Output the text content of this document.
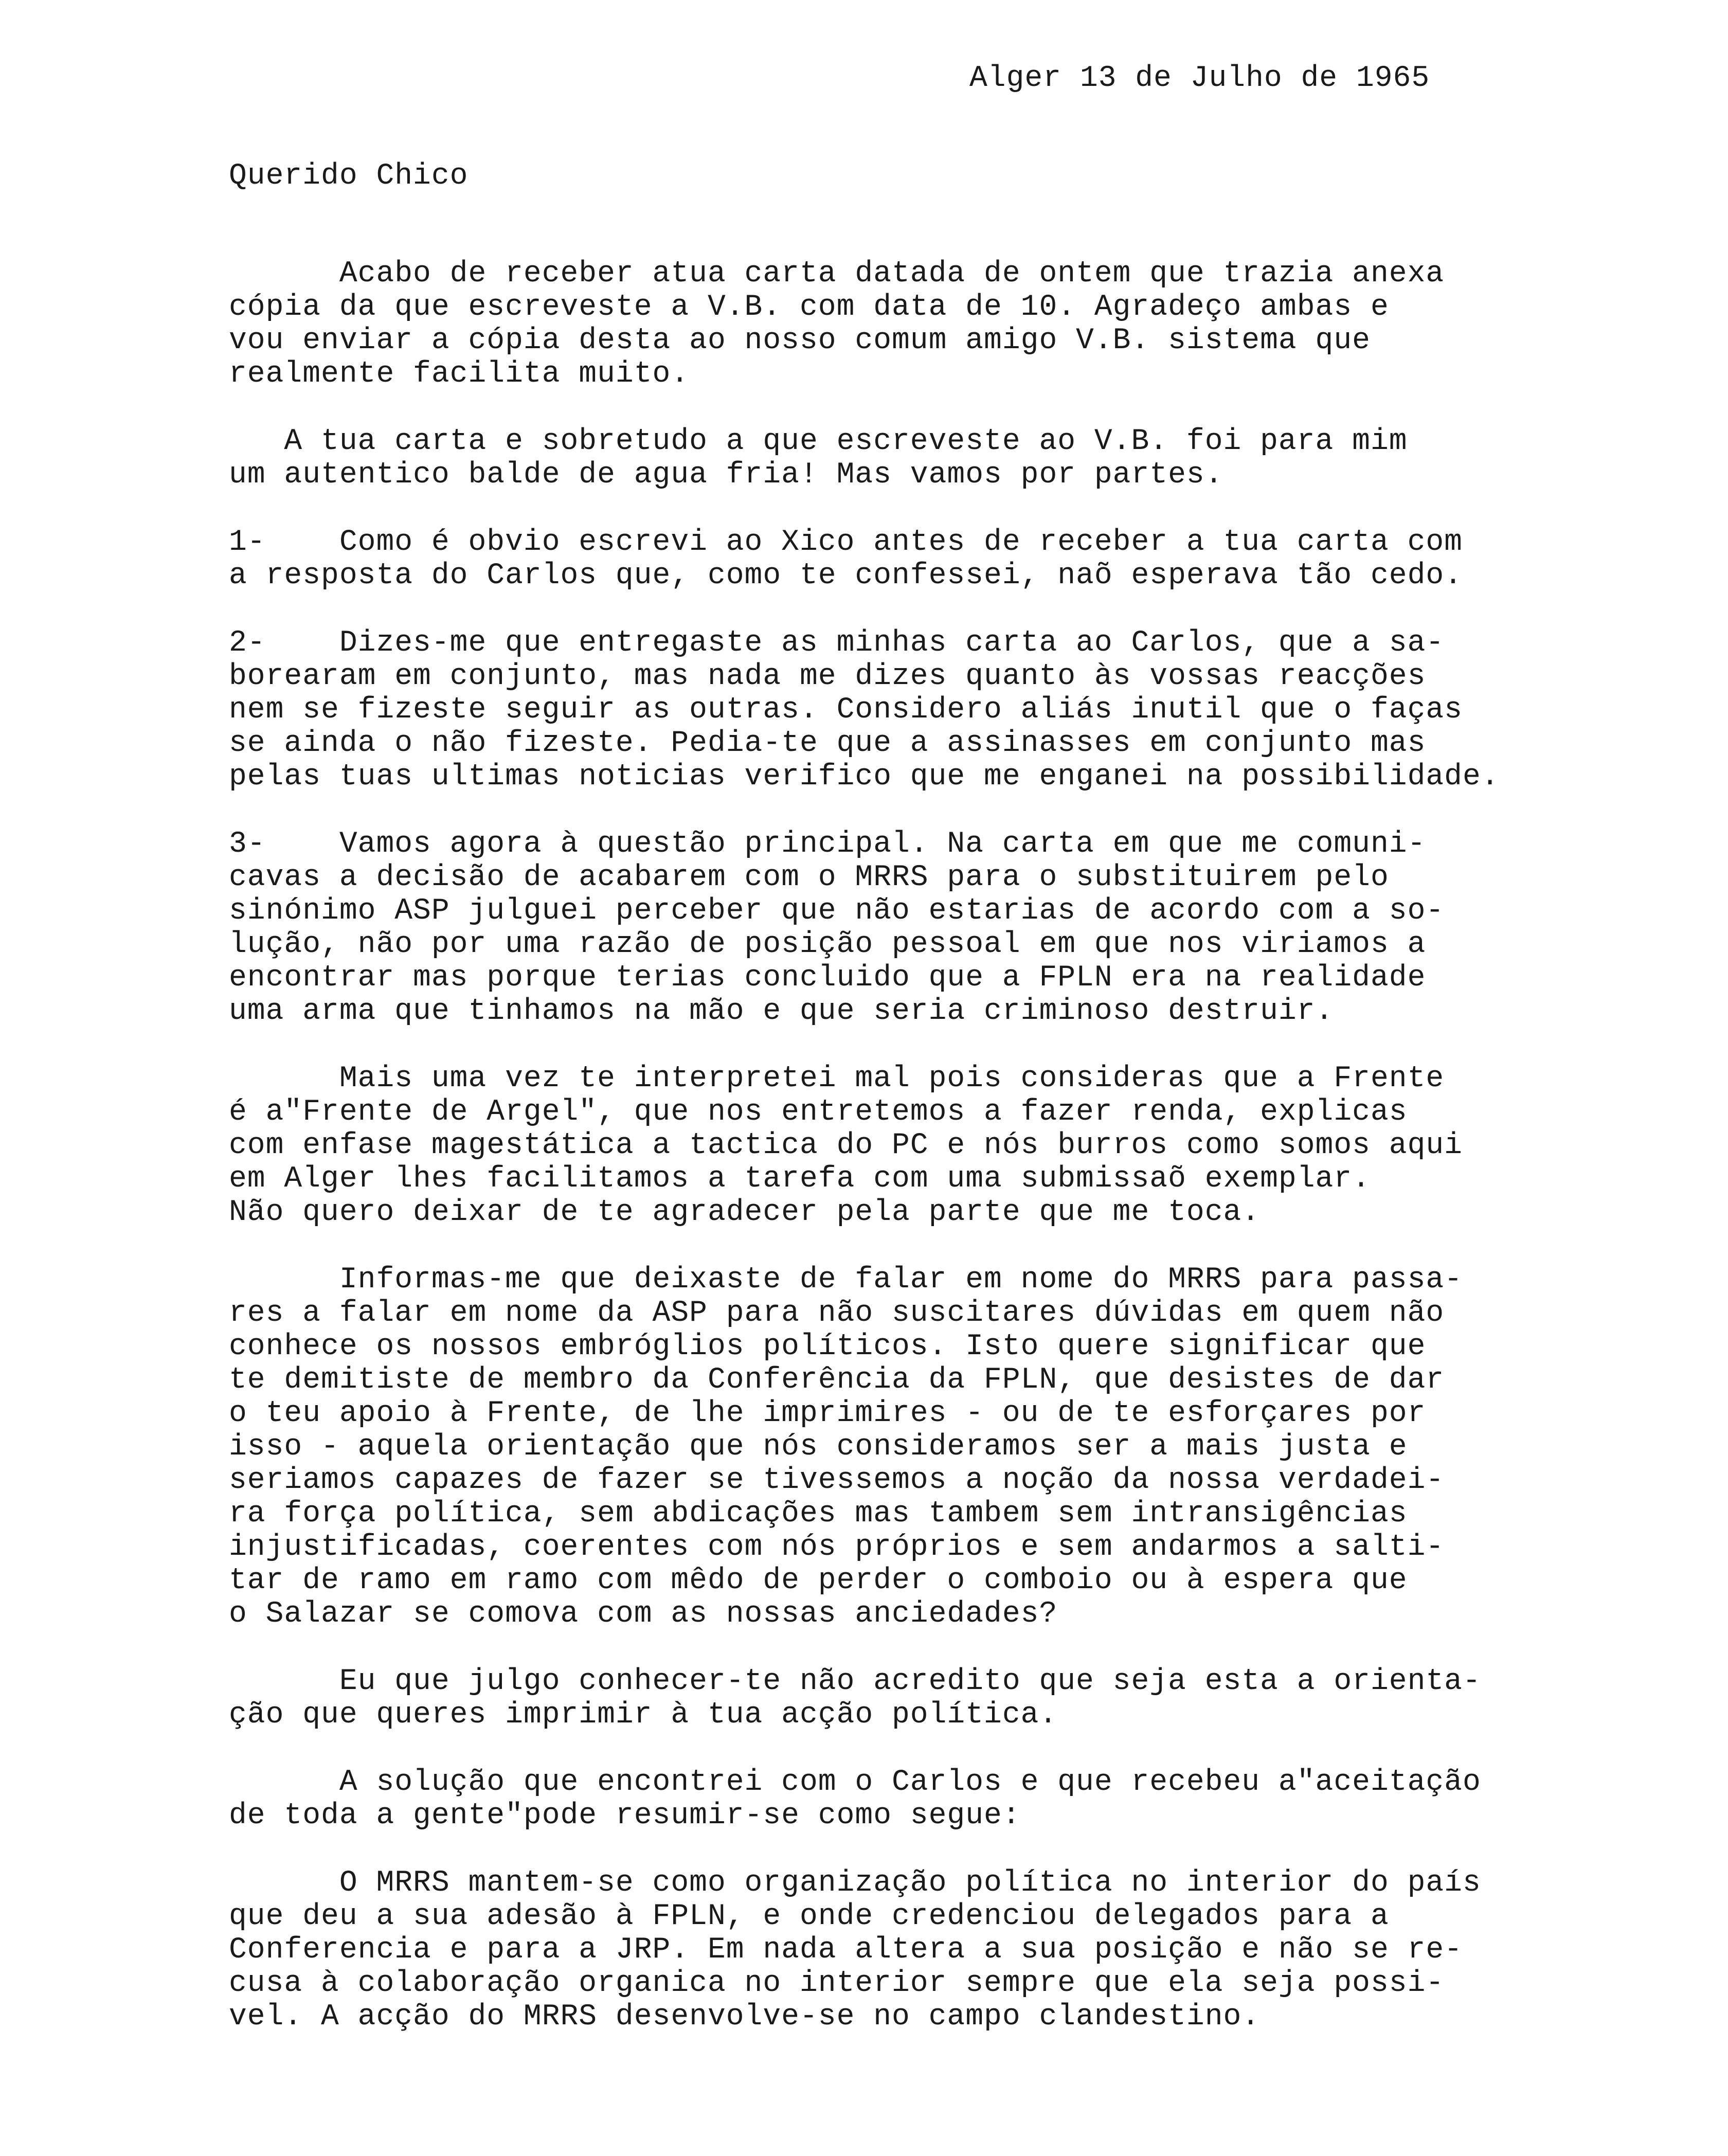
Alger 13 de Julho de 1965
Querido Chico
Acabo de receber atua carta datada de ontem que trazia anexa
cópia da que escreveste a V.B. com data de 10. Agradeço ambas e
vou enviar a cópia desta ao nosso comum amigo V.B. sistema que
realmente facilita muito.
A tua carta e sobretudo a que escreveste ao V.B. foi para mim
um autentico balde de agua fria! Mas vamos por partes.
1-    Como é obvio escrevi ao Xico antes de receber a tua carta com
a resposta do Carlos que, como te confessei, naõ esperava tão cedo.
2-    Dizes-me que entregaste as minhas carta ao Carlos, que a sa-
borearam em conjunto, mas nada me dizes quanto às vossas reacções
nem se fizeste seguir as outras. Considero aliás inutil que o faças
se ainda o não fizeste. Pedia-te que a assinasses em conjunto mas
pelas tuas ultimas noticias verifico que me enganei na possibilidade.
3-    Vamos agora à questão principal. Na carta em que me comuni-
cavas a decisão de acabarem com o MRRS para o substituirem pelo
sinónimo ASP julguei perceber que não estarias de acordo com a so-
lução, não por uma razão de posição pessoal em que nos viriamos a
encontrar mas porque terias concluido que a FPLN era na realidade
uma arma que tinhamos na mão e que seria criminoso destruir.
Mais uma vez te interpretei mal pois consideras que a Frente
é a"Frente de Argel", que nos entretemos a fazer renda, explicas
com enfase magestática a tactica do PC e nós burros como somos aqui
em Alger lhes facilitamos a tarefa com uma submissaõ exemplar.
Não quero deixar de te agradecer pela parte que me toca.
Informas-me que deixaste de falar em nome do MRRS para passa-
res a falar em nome da ASP para não suscitares dúvidas em quem não
conhece os nossos embróglios políticos. Isto quere significar que
te demitiste de membro da Conferência da FPLN, que desistes de dar
o teu apoio à Frente, de lhe imprimires - ou de te esforçares por
isso - aquela orientação que nós consideramos ser a mais justa e
seriamos capazes de fazer se tivessemos a noção da nossa verdadei-
ra força política, sem abdicações mas tambem sem intransigências
injustificadas, coerentes com nós próprios e sem andarmos a salti-
tar de ramo em ramo com mêdo de perder o comboio ou à espera que
o Salazar se comova com as nossas anciedades?
Eu que julgo conhecer-te não acredito que seja esta a orienta-
ção que queres imprimir à tua acção política.
A solução que encontrei com o Carlos e que recebeu a"aceitação
de toda a gente"pode resumir-se como segue:
O MRRS mantem-se como organização política no interior do país
que deu a sua adesão à FPLN, e onde credenciou delegados para a
Conferencia e para a JRP. Em nada altera a sua posição e não se re-
cusa à colaboração organica no interior sempre que ela seja possi-
vel. A acção do MRRS desenvolve-se no campo clandestino.
